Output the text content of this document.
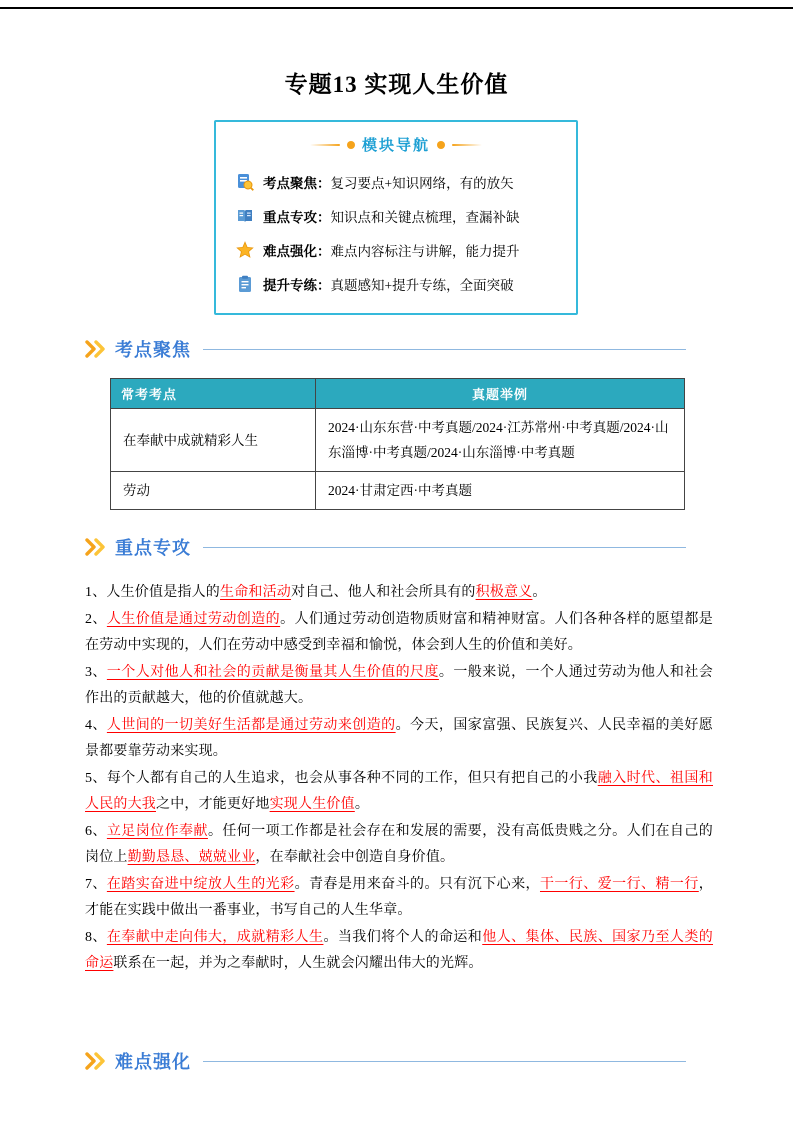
专题13 实现人生价值
模块导航
考点聚焦： 复习要点+知识网络，有的放矢
重点专攻： 知识点和关键点梳理，查漏补缺
难点强化： 难点内容标注与讲解，能力提升
提升专练： 真题感知+提升专练，全面突破
考点聚焦
常考考点	真题举例
在奉献中成就精彩人生	2024·山东东营·中考真题/2024·江苏常州·中考真题/2024·山东淄博·中考真题/2024·山东淄博·中考真题
劳动	2024·甘肃定西·中考真题
重点专攻
1、人生价值是指人的生命和活动对自己、他人和社会所具有的积极意义。
2、人生价值是通过劳动创造的。人们通过劳动创造物质财富和精神财富。人们各种各样的愿望都是在劳动中实现的，人们在劳动中感受到幸福和愉悦，体会到人生的价值和美好。
3、一个人对他人和社会的贡献是衡量其人生价值的尺度。一般来说，一个人通过劳动为他人和社会作出的贡献越大，他的价值就越大。
4、人世间的一切美好生活都是通过劳动来创造的。今天，国家富强、民族复兴、人民幸福的美好愿景都要靠劳动来实现。
5、每个人都有自己的人生追求，也会从事各种不同的工作，但只有把自己的小我融入时代、祖国和人民的大我之中，才能更好地实现人生价值。
6、立足岗位作奉献。任何一项工作都是社会存在和发展的需要，没有高低贵贱之分。人们在自己的岗位上勤勤恳恳、兢兢业业，在奉献社会中创造自身价值。
7、在踏实奋进中绽放人生的光彩。青春是用来奋斗的。只有沉下心来，干一行、爱一行、精一行，才能在实践中做出一番事业，书写自己的人生华章。
8、在奉献中走向伟大，成就精彩人生。当我们将个人的命运和他人、集体、民族、国家乃至人类的命运联系在一起，并为之奉献时，人生就会闪耀出伟大的光辉。
难点强化
